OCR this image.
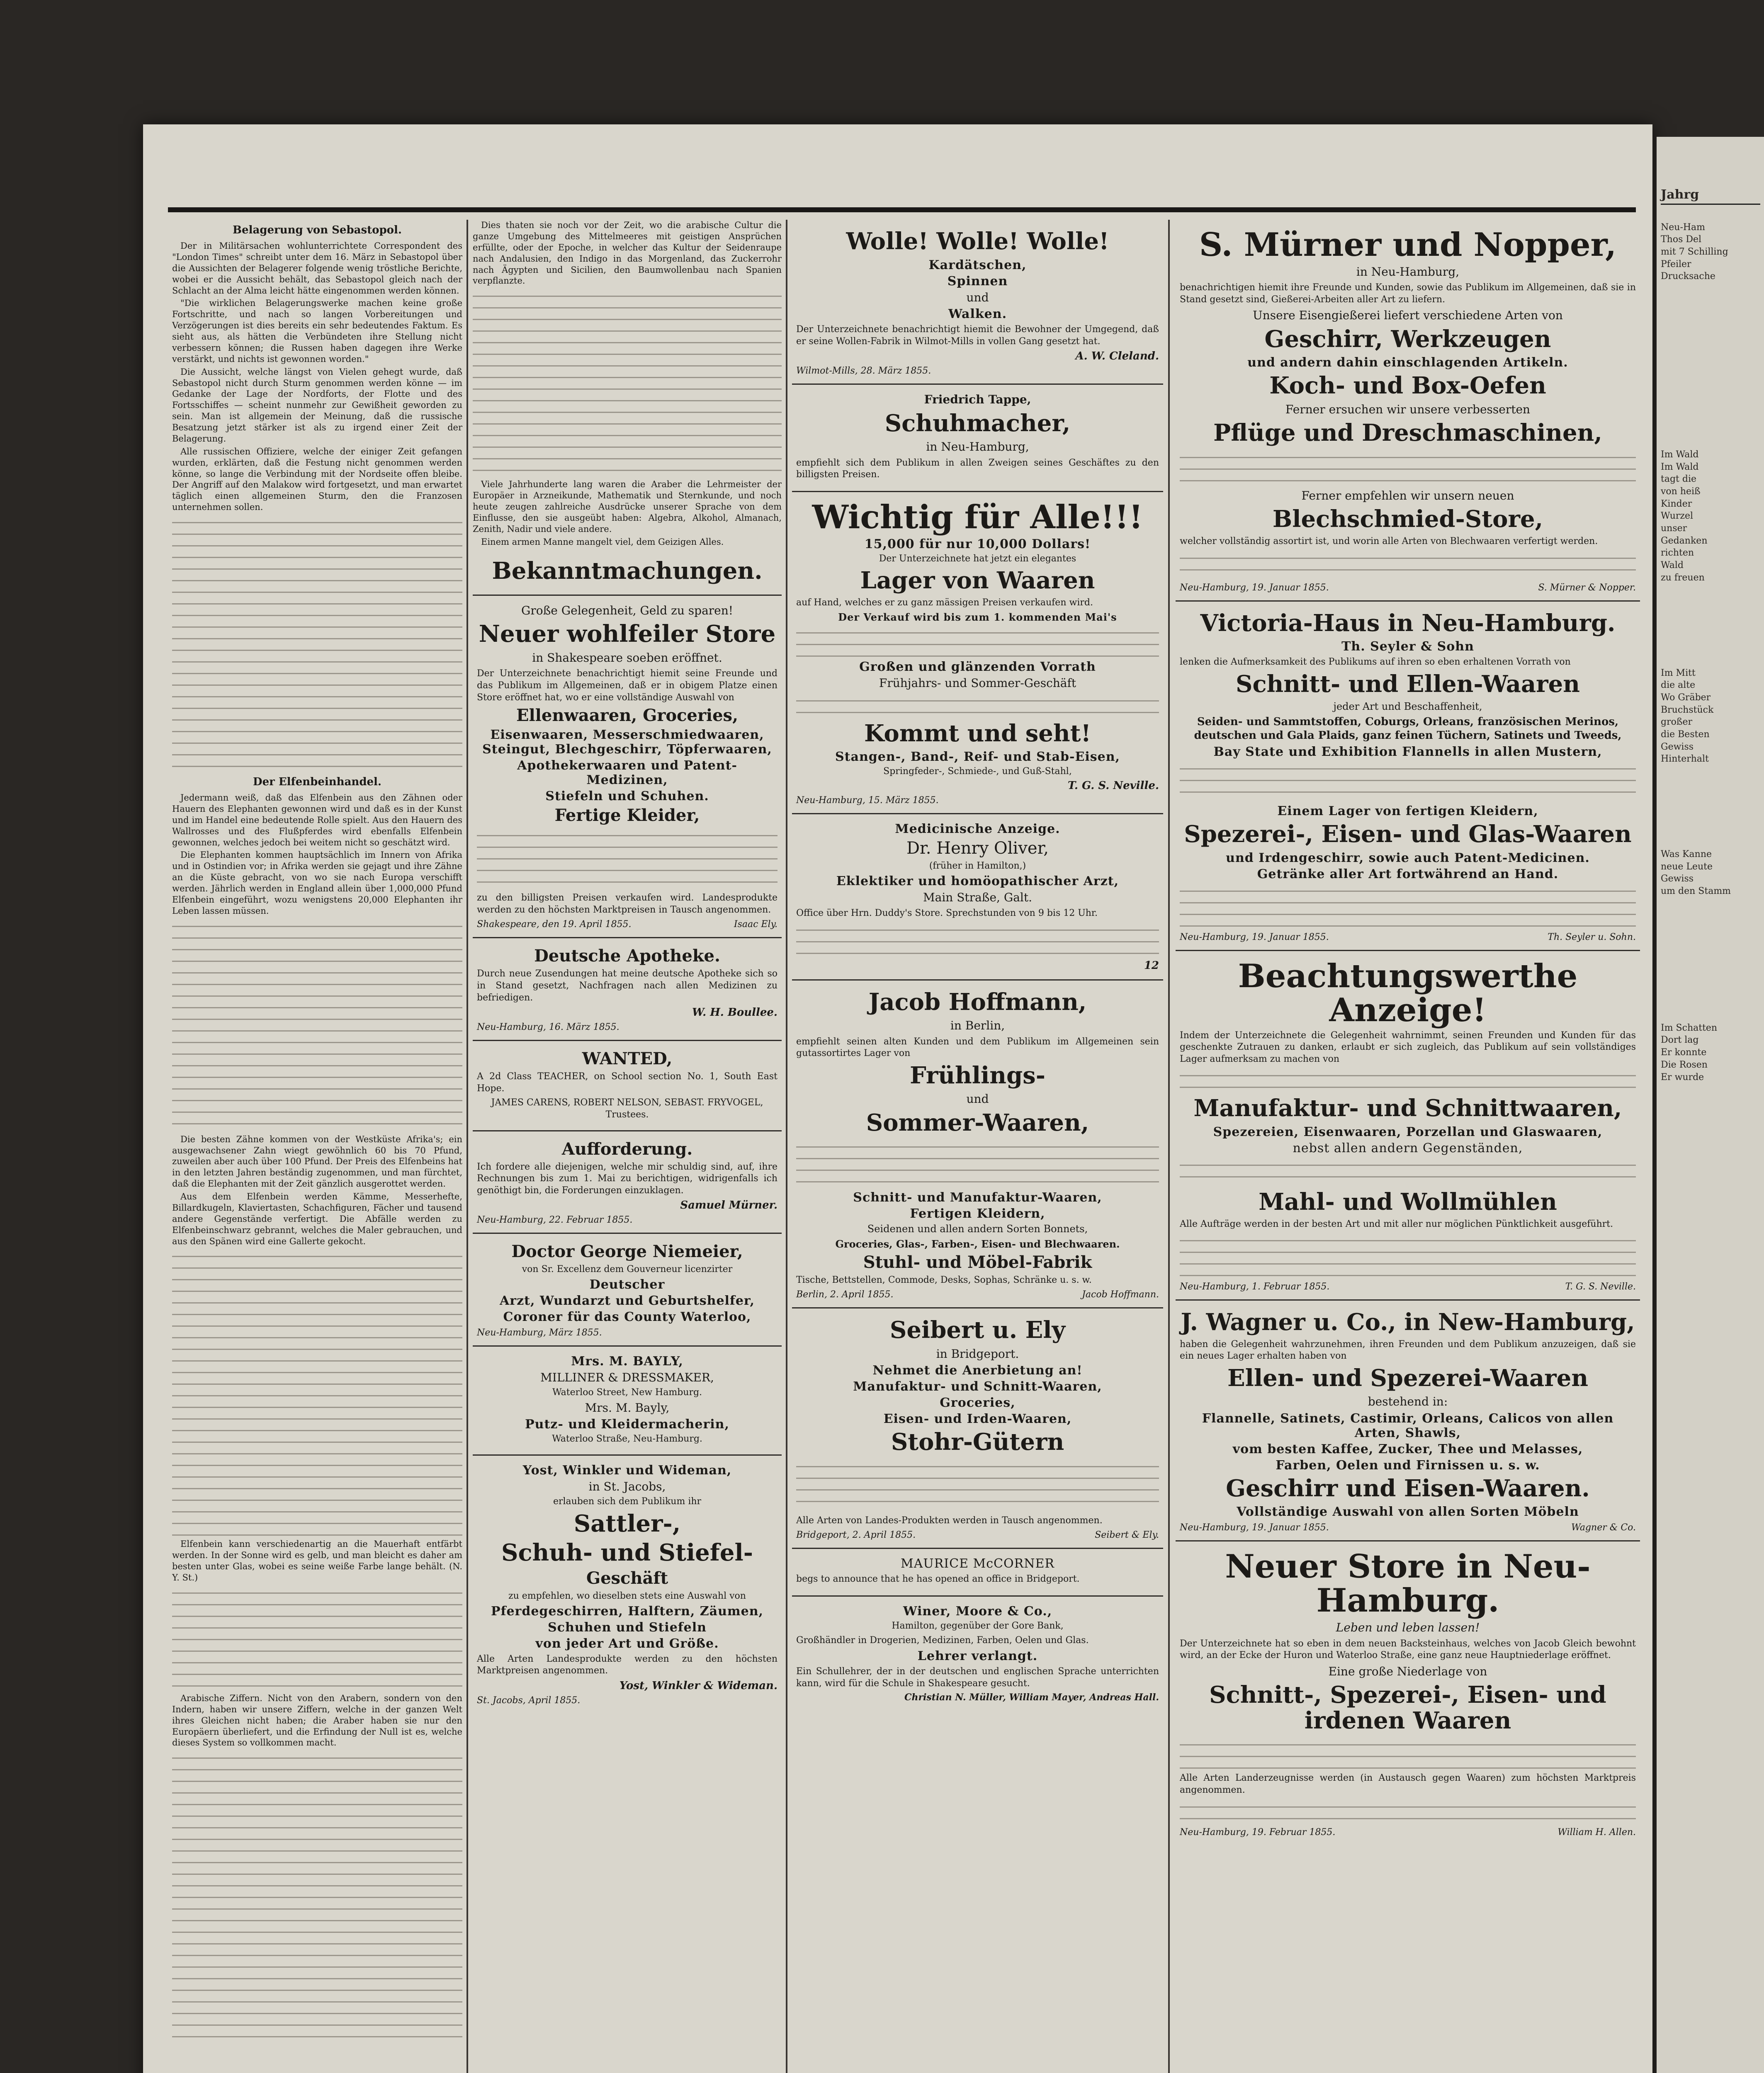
Belagerung von Sebastopol.

Der in Militärsachen wohlunterrichtete Correspondent des "London Times" schreibt unter dem 16. März in Sebastopol über die Aussichten der Belagerer folgende wenig tröstliche Berichte, wobei er die Aussicht behält, das Sebastopol gleich nach der Schlacht an der Alma leicht hätte eingenommen werden können.

"Die wirklichen Belagerungswerke machen keine große Fortschritte, und nach so langen Vorbereitungen und Verzögerungen ist dies bereits ein sehr bedeutendes Faktum. Es sieht aus, als hätten die Verbündeten ihre Stellung nicht verbessern können; die Russen haben dagegen ihre Werke verstärkt, und nichts ist gewonnen worden."

Die Aussicht, welche längst von Vielen gehegt wurde, daß Sebastopol nicht durch Sturm genommen werden könne — im Gedanke der Lage der Nordforts, der Flotte und des Fortsschiffes — scheint nunmehr zur Gewißheit geworden zu sein. Man ist allgemein der Meinung, daß die russische Besatzung jetzt stärker ist als zu irgend einer Zeit der Belagerung.

Alle russischen Offiziere, welche der einiger Zeit gefangen wurden, erklärten, daß die Festung nicht genommen werden könne, so lange die Verbindung mit der Nordseite offen bleibe. Der Angriff auf den Malakow wird fortgesetzt, und man erwartet täglich einen allgemeinen Sturm, den die Franzosen unternehmen sollen.

Der Elfenbeinhandel.

Jedermann weiß, daß das Elfenbein aus den Zähnen oder Hauern des Elephanten gewonnen wird und daß es in der Kunst und im Handel eine bedeutende Rolle spielt. Aus den Hauern des Wallrosses und des Flußpferdes wird ebenfalls Elfenbein gewonnen, welches jedoch bei weitem nicht so geschätzt wird.

Die Elephanten kommen hauptsächlich im Innern von Afrika und in Ostindien vor; in Afrika werden sie gejagt und ihre Zähne an die Küste gebracht, von wo sie nach Europa verschifft werden. Jährlich werden in England allein über 1,000,000 Pfund Elfenbein eingeführt, wozu wenigstens 20,000 Elephanten ihr Leben lassen müssen.

Die besten Zähne kommen von der Westküste Afrika's; ein ausgewachsener Zahn wiegt gewöhnlich 60 bis 70 Pfund, zuweilen aber auch über 100 Pfund. Der Preis des Elfenbeins hat in den letzten Jahren beständig zugenommen, und man fürchtet, daß die Elephanten mit der Zeit gänzlich ausgerottet werden.

Aus dem Elfenbein werden Kämme, Messerhefte, Billardkugeln, Klaviertasten, Schachfiguren, Fächer und tausend andere Gegenstände verfertigt. Die Abfälle werden zu Elfenbeinschwarz gebrannt, welches die Maler gebrauchen, und aus den Spänen wird eine Gallerte gekocht.

Elfenbein kann verschiedenartig an die Mauerhaft entfärbt werden. In der Sonne wird es gelb, und man bleicht es daher am besten unter Glas, wobei es seine weiße Farbe lange behält. (N. Y. St.)

Arabische Ziffern. Nicht von den Arabern, sondern von den Indern, haben wir unsere Ziffern, welche in der ganzen Welt ihres Gleichen nicht haben; die Araber haben sie nur den Europäern überliefert, und die Erfindung der Null ist es, welche dieses System so vollkommen macht.

Dies thaten sie noch vor der Zeit, wo die arabische Cultur die ganze Umgebung des Mittelmeeres mit geistigen Ansprüchen erfüllte, oder der Epoche, in welcher das Kultur der Seidenraupe nach Andalusien, den Indigo in das Morgenland, das Zuckerrohr nach Ägypten und Sicilien, den Baumwollenbau nach Spanien verpflanzte.

Viele Jahrhunderte lang waren die Araber die Lehrmeister der Europäer in Arzneikunde, Mathematik und Sternkunde, und noch heute zeugen zahlreiche Ausdrücke unserer Sprache von dem Einflusse, den sie ausgeübt haben: Algebra, Alkohol, Almanach, Zenith, Nadir und viele andere.

Einem armen Manne mangelt viel, dem Geizigen Alles.

Bekanntmachungen.
Große Gelegenheit, Geld zu sparen!
Neuer wohlfeiler Store
in Shakespeare soeben eröffnet.
Der Unterzeichnete benachrichtigt hiemit seine Freunde und das Publikum im Allgemeinen, daß er in obigem Platze einen Store eröffnet hat, wo er eine vollständige Auswahl von
Ellenwaaren, Groceries,
Eisenwaaren, Messerschmiedwaaren, Steingut, Blechgeschirr, Töpferwaaren,
Apothekerwaaren und Patent-Medizinen,
Stiefeln und Schuhen.
Fertige Kleider,
zu den billigsten Preisen verkaufen wird. Landesprodukte werden zu den höchsten Marktpreisen in Tausch angenommen.
Shakespeare, den 19. April 1855.	Isaac Ely.
Deutsche Apotheke.
Durch neue Zusendungen hat meine deutsche Apotheke sich so in Stand gesetzt, Nachfragen nach allen Medizinen zu befriedigen.
W. H. Boullee.
Neu-Hamburg, 16. März 1855.
WANTED,
A 2d Class TEACHER, on School section No. 1, South East Hope.
JAMES CARENS, ROBERT NELSON, SEBAST. FRYVOGEL, Trustees.
Aufforderung.
Ich fordere alle diejenigen, welche mir schuldig sind, auf, ihre Rechnungen bis zum 1. Mai zu berichtigen, widrigenfalls ich genöthigt bin, die Forderungen einzuklagen.
Samuel Mürner.
Neu-Hamburg, 22. Februar 1855.
Doctor George Niemeier,
von Sr. Excellenz dem Gouverneur licenzirter
Deutscher
Arzt, Wundarzt und Geburtshelfer,
Coroner für das County Waterloo,
Neu-Hamburg, März 1855.
Mrs. M. BAYLY,
MILLINER & DRESSMAKER,
Waterloo Street, New Hamburg.
Mrs. M. Bayly,
Putz- und Kleidermacherin,
Waterloo Straße, Neu-Hamburg.
Yost, Winkler und Wideman,
in St. Jacobs,
erlauben sich dem Publikum ihr
Sattler-,
Schuh- und Stiefel-
Geschäft
zu empfehlen, wo dieselben stets eine Auswahl von
Pferdegeschirren, Halftern, Zäumen,
Schuhen und Stiefeln
von jeder Art und Größe.
Alle Arten Landesprodukte werden zu den höchsten Marktpreisen angenommen.
Yost, Winkler & Wideman.
St. Jacobs, April 1855.
Wolle! Wolle! Wolle!
Kardätschen,
Spinnen
und
Walken.
Der Unterzeichnete benachrichtigt hiemit die Bewohner der Umgegend, daß er seine Wollen-Fabrik in Wilmot-Mills in vollen Gang gesetzt hat.
A. W. Cleland.
Wilmot-Mills, 28. März 1855.
Friedrich Tappe,
Schuhmacher,
in Neu-Hamburg,
empfiehlt sich dem Publikum in allen Zweigen seines Geschäftes zu den billigsten Preisen.
Wichtig für Alle!!!
15,000 für nur 10,000 Dollars!
Der Unterzeichnete hat jetzt ein elegantes
Lager von Waaren
auf Hand, welches er zu ganz mässigen Preisen verkaufen wird.
Der Verkauf wird bis zum 1. kommenden Mai's
Großen und glänzenden Vorrath
Frühjahrs- und Sommer-Geschäft
Kommt und seht!
Stangen-, Band-, Reif- und Stab-Eisen,
Springfeder-, Schmiede-, und Guß-Stahl,
T. G. S. Neville.
Neu-Hamburg, 15. März 1855.
Medicinische Anzeige.
Dr. Henry Oliver,
(früher in Hamilton,)
Eklektiker und homöopathischer Arzt,
Main Straße, Galt.
Office über Hrn. Duddy's Store. Sprechstunden von 9 bis 12 Uhr.
12
Jacob Hoffmann,
in Berlin,
empfiehlt seinen alten Kunden und dem Publikum im Allgemeinen sein gutassortirtes Lager von
Frühlings-
und
Sommer-Waaren,
Schnitt- und Manufaktur-Waaren,
Fertigen Kleidern,
Seidenen und allen andern Sorten Bonnets,
Groceries, Glas-, Farben-, Eisen- und Blechwaaren.
Stuhl- und Möbel-Fabrik
Tische, Bettstellen, Commode, Desks, Sophas, Schränke u. s. w.
Berlin, 2. April 1855.	Jacob Hoffmann.
Seibert u. Ely
in Bridgeport.
Nehmet die Anerbietung an!
Manufaktur- und Schnitt-Waaren,
Groceries,
Eisen- und Irden-Waaren,
Stohr-Gütern
Alle Arten von Landes-Produkten werden in Tausch angenommen.
Bridgeport, 2. April 1855.	Seibert & Ely.
MAURICE McCORNER
begs to announce that he has opened an office in Bridgeport.
Winer, Moore & Co.,
Hamilton, gegenüber der Gore Bank,
Großhändler in Drogerien, Medizinen, Farben, Oelen und Glas.
Lehrer verlangt.
Ein Schullehrer, der in der deutschen und englischen Sprache unterrichten kann, wird für die Schule in Shakespeare gesucht.
Christian N. Müller, William Mayer, Andreas Hall.
S. Mürner und Nopper,
in Neu-Hamburg,
benachrichtigen hiemit ihre Freunde und Kunden, sowie das Publikum im Allgemeinen, daß sie in Stand gesetzt sind, Gießerei-Arbeiten aller Art zu liefern.
Unsere Eisengießerei liefert verschiedene Arten von
Geschirr, Werkzeugen
und andern dahin einschlagenden Artikeln.
Koch- und Box-Oefen
Ferner ersuchen wir unsere verbesserten
Pflüge und Dreschmaschinen,
Ferner empfehlen wir unsern neuen
Blechschmied-Store,
welcher vollständig assortirt ist, und worin alle Arten von Blechwaaren verfertigt werden.
Neu-Hamburg, 19. Januar 1855.	S. Mürner & Nopper.
Victoria-Haus in Neu-Hamburg.
Th. Seyler & Sohn
lenken die Aufmerksamkeit des Publikums auf ihren so eben erhaltenen Vorrath von
Schnitt- und Ellen-Waaren
jeder Art und Beschaffenheit,
Seiden- und Sammtstoffen, Coburgs, Orleans, französischen Merinos, deutschen und Gala Plaids, ganz feinen Tüchern, Satinets und Tweeds,
Bay State und Exhibition Flannells in allen Mustern,
Einem Lager von fertigen Kleidern,
Spezerei-, Eisen- und Glas-Waaren
und Irdengeschirr, sowie auch Patent-Medicinen.
Getränke aller Art fortwährend an Hand.
Neu-Hamburg, 19. Januar 1855.	Th. Seyler u. Sohn.
Beachtungswerthe Anzeige!
Indem der Unterzeichnete die Gelegenheit wahrnimmt, seinen Freunden und Kunden für das geschenkte Zutrauen zu danken, erlaubt er sich zugleich, das Publikum auf sein vollständiges Lager aufmerksam zu machen von
Manufaktur- und Schnittwaaren,
Spezereien, Eisenwaaren, Porzellan und Glaswaaren,
nebst allen andern Gegenständen,
Mahl- und Wollmühlen
Alle Aufträge werden in der besten Art und mit aller nur möglichen Pünktlichkeit ausgeführt.
Neu-Hamburg, 1. Februar 1855.	T. G. S. Neville.
J. Wagner u. Co., in New-Hamburg,
haben die Gelegenheit wahrzunehmen, ihren Freunden und dem Publikum anzuzeigen, daß sie ein neues Lager erhalten haben von
Ellen- und Spezerei-Waaren
bestehend in:
Flannelle, Satinets, Castimir, Orleans, Calicos von allen Arten, Shawls,
vom besten Kaffee, Zucker, Thee und Melasses,
Farben, Oelen und Firnissen u. s. w.
Geschirr und Eisen-Waaren.
Vollständige Auswahl von allen Sorten Möbeln
Neu-Hamburg, 19. Januar 1855.	Wagner & Co.
Neuer Store in Neu-Hamburg.
Leben und leben lassen!
Der Unterzeichnete hat so eben in dem neuen Backsteinhaus, welches von Jacob Gleich bewohnt wird, an der Ecke der Huron und Waterloo Straße, eine ganz neue Hauptniederlage eröffnet.
Eine große Niederlage von
Schnitt-, Spezerei-, Eisen- und irdenen Waaren
Alle Arten Landerzeugnisse werden (in Austausch gegen Waaren) zum höchsten Marktpreis angenommen.
Neu-Hamburg, 19. Februar 1855.	William H. Allen.
Jahrg
Neu-Ham
Thos Del
mit 7 Schilling
Pfeiler
Drucksache
Im Wald
Im Wald
tagt die
von heiß
Kinder
Wurzel
unser
Gedanken
richten
Wald
zu freuen
Im Mitt
die alte
Wo Gräber
Bruchstück
großer
die Besten
Gewiss
Hinterhalt
Was Kanne
neue Leute
Gewiss
um den Stamm
Im Schatten
Dort lag
Er konnte
Die Rosen
Er wurde
